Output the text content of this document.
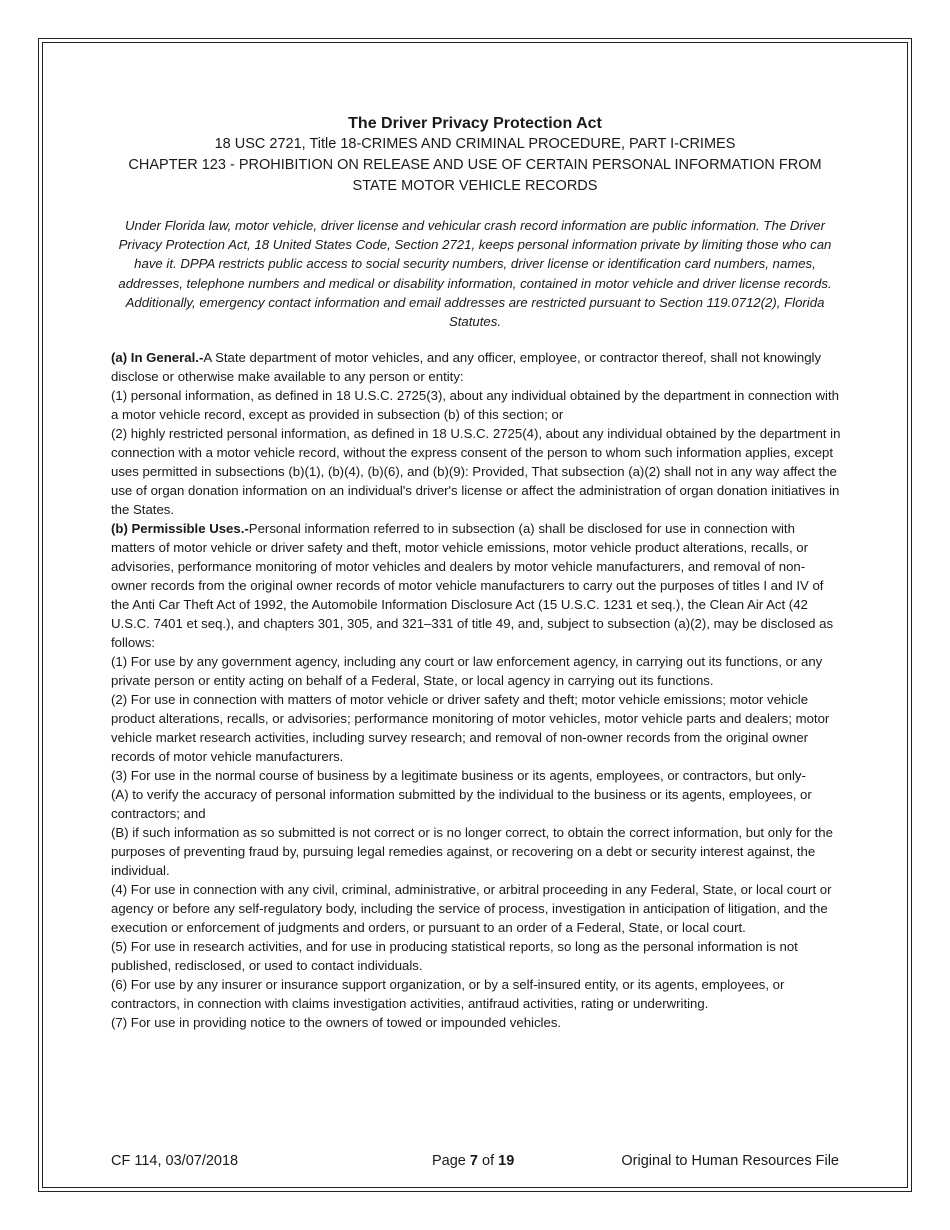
The Driver Privacy Protection Act
18 USC 2721, Title 18-CRIMES AND CRIMINAL PROCEDURE, PART I-CRIMES
CHAPTER 123 - PROHIBITION ON RELEASE AND USE OF CERTAIN PERSONAL INFORMATION FROM STATE MOTOR VEHICLE RECORDS
Under Florida law, motor vehicle, driver license and vehicular crash record information are public information. The Driver Privacy Protection Act, 18 United States Code, Section 2721, keeps personal information private by limiting those who can have it. DPPA restricts public access to social security numbers, driver license or identification card numbers, names, addresses, telephone numbers and medical or disability information, contained in motor vehicle and driver license records. Additionally, emergency contact information and email addresses are restricted pursuant to Section 119.0712(2), Florida Statutes.

(a) In General.-A State department of motor vehicles, and any officer, employee, or contractor thereof, shall not knowingly disclose or otherwise make available to any person or entity:

(1) personal information, as defined in 18 U.S.C. 2725(3), about any individual obtained by the department in connection with a motor vehicle record, except as provided in subsection (b) of this section; or

(2) highly restricted personal information, as defined in 18 U.S.C. 2725(4), about any individual obtained by the department in connection with a motor vehicle record, without the express consent of the person to whom such information applies, except uses permitted in subsections (b)(1), (b)(4), (b)(6), and (b)(9): Provided, That subsection (a)(2) shall not in any way affect the use of organ donation information on an individual's driver's license or affect the administration of organ donation initiatives in the States.

(b) Permissible Uses.-Personal information referred to in subsection (a) shall be disclosed for use in connection with matters of motor vehicle or driver safety and theft, motor vehicle emissions, motor vehicle product alterations, recalls, or advisories, performance monitoring of motor vehicles and dealers by motor vehicle manufacturers, and removal of non-owner records from the original owner records of motor vehicle manufacturers to carry out the purposes of titles I and IV of the Anti Car Theft Act of 1992, the Automobile Information Disclosure Act (15 U.S.C. 1231 et seq.), the Clean Air Act (42 U.S.C. 7401 et seq.), and chapters 301, 305, and 321–331 of title 49, and, subject to subsection (a)(2), may be disclosed as follows:

(1) For use by any government agency, including any court or law enforcement agency, in carrying out its functions, or any private person or entity acting on behalf of a Federal, State, or local agency in carrying out its functions.

(2) For use in connection with matters of motor vehicle or driver safety and theft; motor vehicle emissions; motor vehicle product alterations, recalls, or advisories; performance monitoring of motor vehicles, motor vehicle parts and dealers; motor vehicle market research activities, including survey research; and removal of non-owner records from the original owner records of motor vehicle manufacturers.

(3) For use in the normal course of business by a legitimate business or its agents, employees, or contractors, but only-

(A) to verify the accuracy of personal information submitted by the individual to the business or its agents, employees, or contractors; and

(B) if such information as so submitted is not correct or is no longer correct, to obtain the correct information, but only for the purposes of preventing fraud by, pursuing legal remedies against, or recovering on a debt or security interest against, the individual.

(4) For use in connection with any civil, criminal, administrative, or arbitral proceeding in any Federal, State, or local court or agency or before any self-regulatory body, including the service of process, investigation in anticipation of litigation, and the execution or enforcement of judgments and orders, or pursuant to an order of a Federal, State, or local court.

(5) For use in research activities, and for use in producing statistical reports, so long as the personal information is not published, redisclosed, or used to contact individuals.

(6) For use by any insurer or insurance support organization, or by a self-insured entity, or its agents, employees, or contractors, in connection with claims investigation activities, antifraud activities, rating or underwriting.

(7) For use in providing notice to the owners of towed or impounded vehicles.

CF 114, 03/07/2018	Page 7 of 19	Original to Human Resources File
